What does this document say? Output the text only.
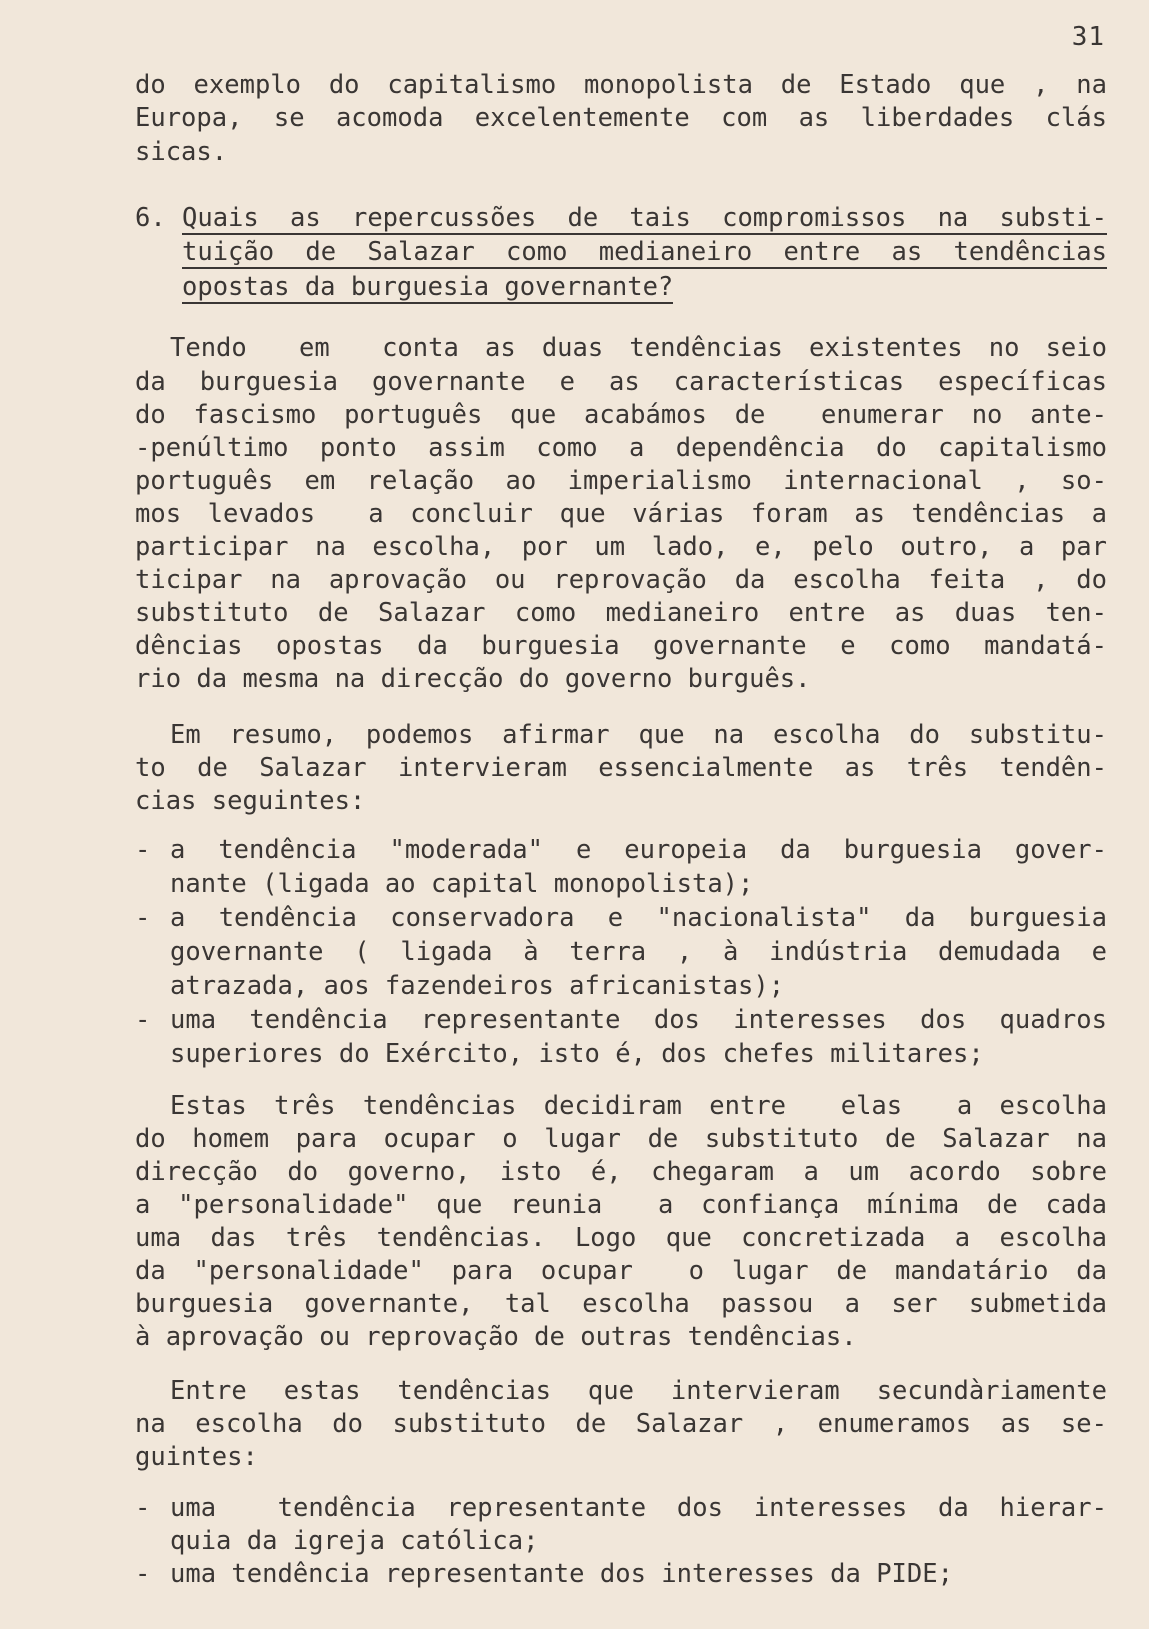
31
do exemplo do capitalismo monopolista de Estado que , na
Europa, se acomoda excelentemente com as liberdades clás
sicas.
6. Quais as repercussões de tais compromissos na substi-
tuição de Salazar como medianeiro entre as tendências
opostas da burguesia governante?
Tendo  em  conta as duas tendências existentes no seio
da burguesia governante e as características específicas
do fascismo português que acabámos de  enumerar no ante-
-penúltimo ponto assim como a dependência do capitalismo
português em relação ao imperialismo internacional , so-
mos levados  a concluir que várias foram as tendências a
participar na escolha, por um lado, e, pelo outro, a par
ticipar na aprovação ou reprovação da escolha feita , do
substituto de Salazar como medianeiro entre as duas ten-
dências opostas da burguesia governante e como mandatá-
rio da mesma na direcção do governo burguês.
Em resumo, podemos afirmar que na escolha do substitu-
to de Salazar intervieram essencialmente as três tendên-
cias seguintes:
- a tendência "moderada" e europeia da burguesia gover-
nante (ligada ao capital monopolista);
- a tendência conservadora e "nacionalista" da burguesia
governante ( ligada à terra , à indústria demudada e
atrazada, aos fazendeiros africanistas);
- uma tendência representante dos interesses dos quadros
superiores do Exército, isto é, dos chefes militares;
Estas três tendências decidiram entre  elas  a escolha
do homem para ocupar o lugar de substituto de Salazar na
direcção do governo, isto é, chegaram a um acordo sobre
a "personalidade" que reunia  a confiança mínima de cada
uma das três tendências. Logo que concretizada a escolha
da "personalidade" para ocupar  o lugar de mandatário da
burguesia governante, tal escolha passou a ser submetida
à aprovação ou reprovação de outras tendências.
Entre estas tendências que intervieram secundàriamente
na escolha do substituto de Salazar , enumeramos as se-
guintes:
- uma  tendência representante dos interesses da hierar-
quia da igreja católica;
- uma tendência representante dos interesses da PIDE;
